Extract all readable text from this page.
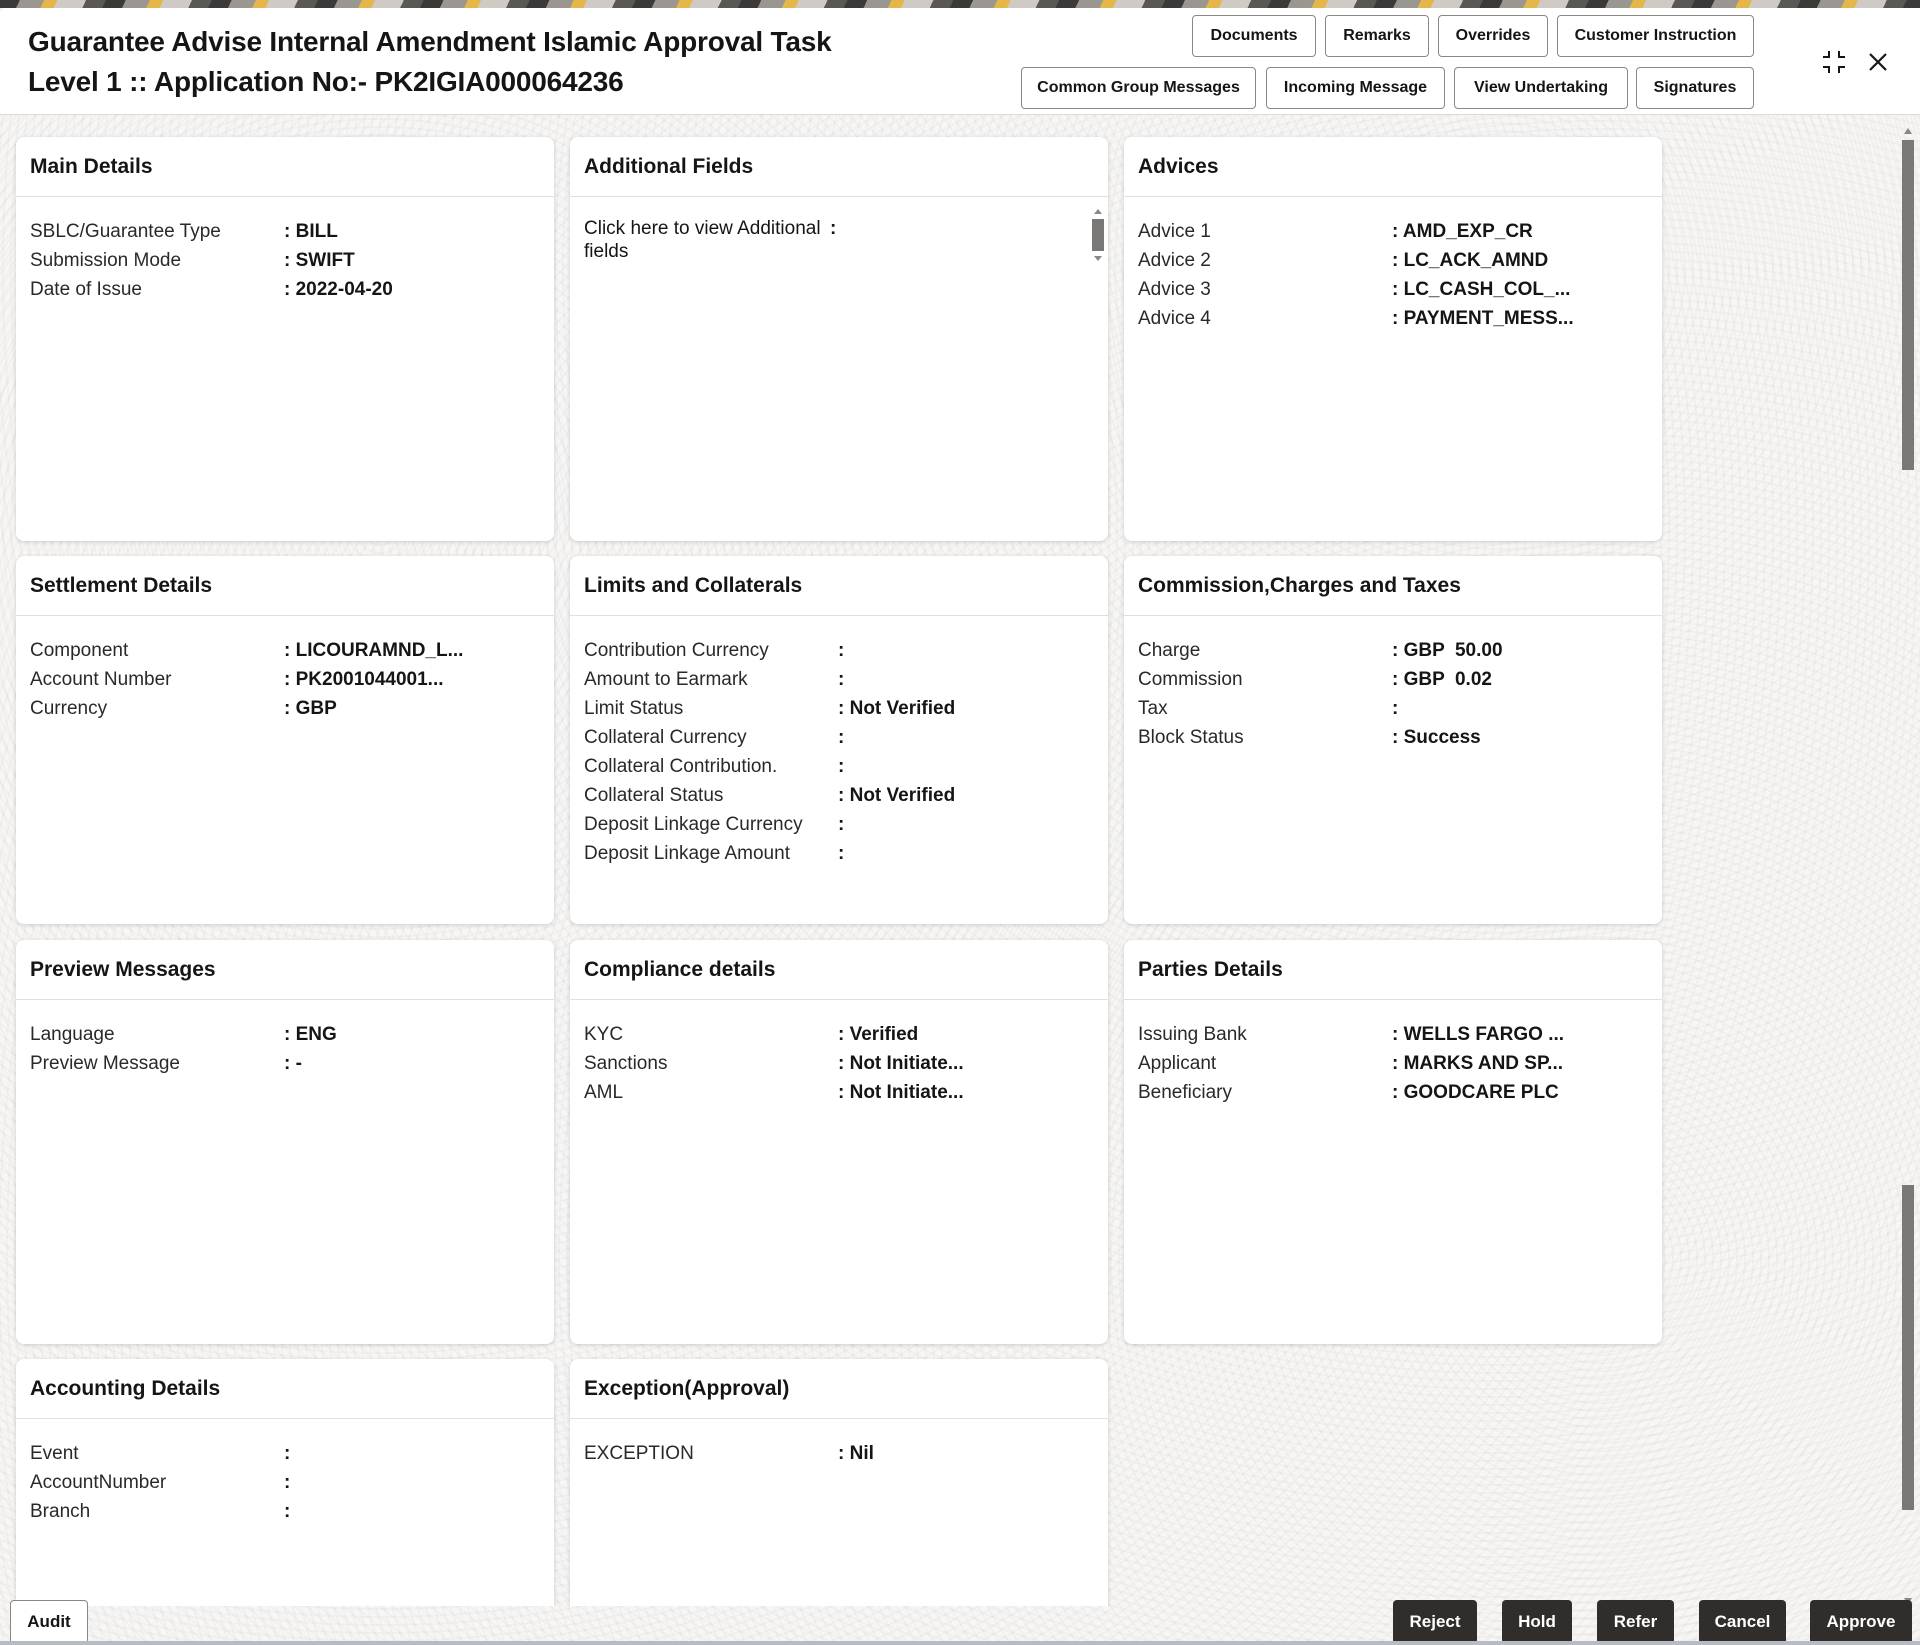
Guarantee Advise Internal Amendment Islamic Approval Task
Level 1 :: Application No:- PK2IGIA000064236
Documents	Remarks	Overrides	Customer Instruction
Common Group Messages	Incoming Message	View Undertaking	Signatures
Main Details
SBLC/Guarantee Type	: BILL
Submission Mode	: SWIFT
Date of Issue	: 2022-04-20
Additional Fields
Click here to view Additional
fields
:
Advices
Advice 1	: AMD_EXP_CR
Advice 2	: LC_ACK_AMND
Advice 3	: LC_CASH_COL_...
Advice 4	: PAYMENT_MESS...
Settlement Details
Component	: LICOURAMND_L...
Account Number	: PK2001044001...
Currency	: GBP
Limits and Collaterals
Contribution Currency	:
Amount to Earmark	:
Limit Status	: Not Verified
Collateral Currency	:
Collateral Contribution.	:
Collateral Status	: Not Verified
Deposit Linkage Currency	:
Deposit Linkage Amount	:
Commission,Charges and Taxes
Charge	: GBP  50.00
Commission	: GBP  0.02
Tax	:
Block Status	: Success
Preview Messages
Language	: ENG
Preview Message	: -
Compliance details
KYC	: Verified
Sanctions	: Not Initiate...
AML	: Not Initiate...
Parties Details
Issuing Bank	: WELLS FARGO ...
Applicant	: MARKS AND SP...
Beneficiary	: GOODCARE PLC
Accounting Details
Event	:
AccountNumber	:
Branch	:
Exception(Approval)
EXCEPTION	: Nil
Audit	Reject	Hold	Refer	Cancel	Approve
